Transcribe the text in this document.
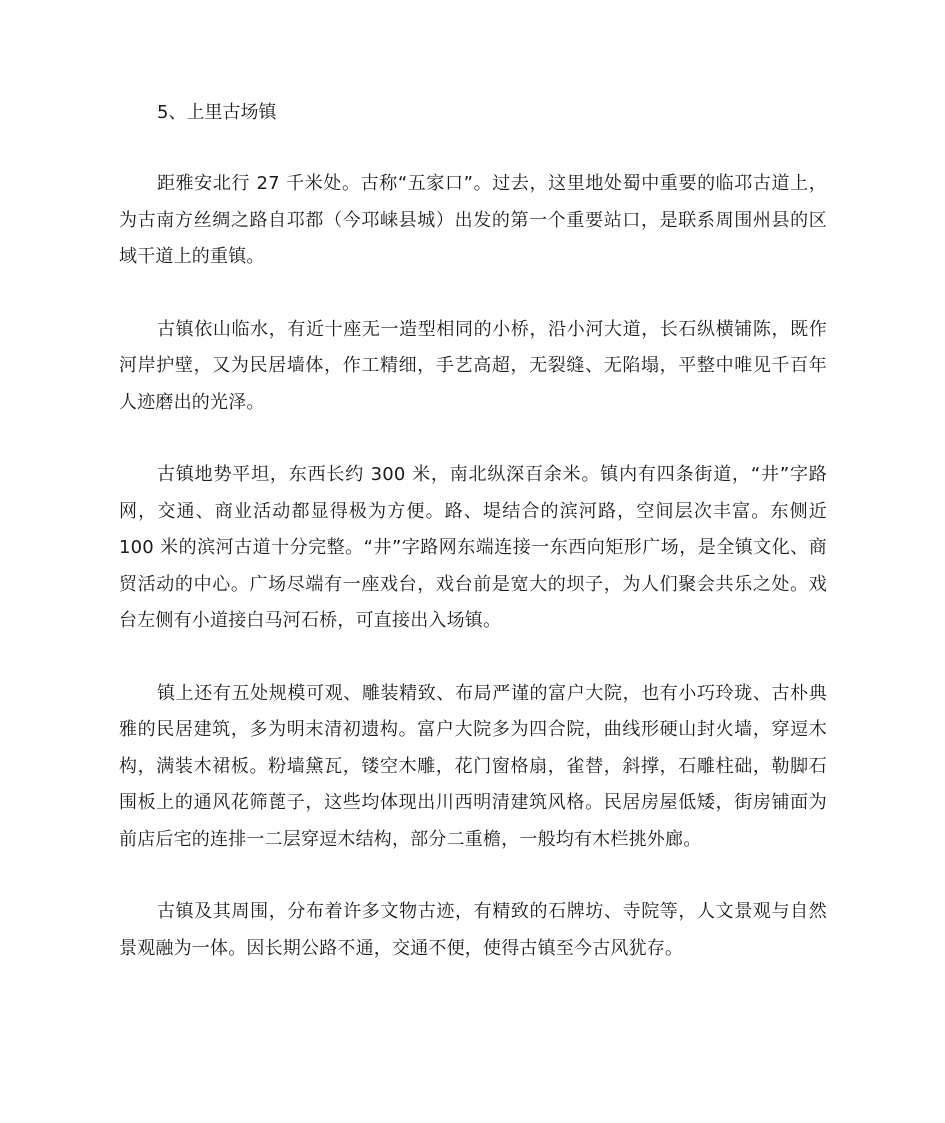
5、上里古场镇

距雅安北行 27 千米处。古称“五家口”。过去，这里地处蜀中重要的临邛古道上，为古南方丝绸之路自邛都（今邛崃县城）出发的第一个重要站口，是联系周围州县的区域干道上的重镇。

古镇依山临水，有近十座无一造型相同的小桥，沿小河大道，长石纵横铺陈，既作河岸护壁，又为民居墙体，作工精细，手艺高超，无裂缝、无陷塌，平整中唯见千百年人迹磨出的光泽。

古镇地势平坦，东西长约 300 米，南北纵深百余米。镇内有四条街道，“井”字路网，交通、商业活动都显得极为方便。路、堤结合的滨河路，空间层次丰富。东侧近 100 米的滨河古道十分完整。“井”字路网东端连接一东西向矩形广场，是全镇文化、商贸活动的中心。广场尽端有一座戏台，戏台前是宽大的坝子，为人们聚会共乐之处。戏台左侧有小道接白马河石桥，可直接出入场镇。

镇上还有五处规模可观、雕装精致、布局严谨的富户大院，也有小巧玲珑、古朴典雅的民居建筑，多为明末清初遗构。富户大院多为四合院，曲线形硬山封火墙，穿逗木构，满装木裙板。粉墙黛瓦，镂空木雕，花门窗格扇，雀替，斜撑，石雕柱础，勒脚石围板上的通风花筛蓖子，这些均体现出川西明清建筑风格。民居房屋低矮，街房铺面为前店后宅的连排一二层穿逗木结构，部分二重檐，一般均有木栏挑外廊。

古镇及其周围，分布着许多文物古迹，有精致的石牌坊、寺院等，人文景观与自然景观融为一体。因长期公路不通，交通不便，使得古镇至今古风犹存。
